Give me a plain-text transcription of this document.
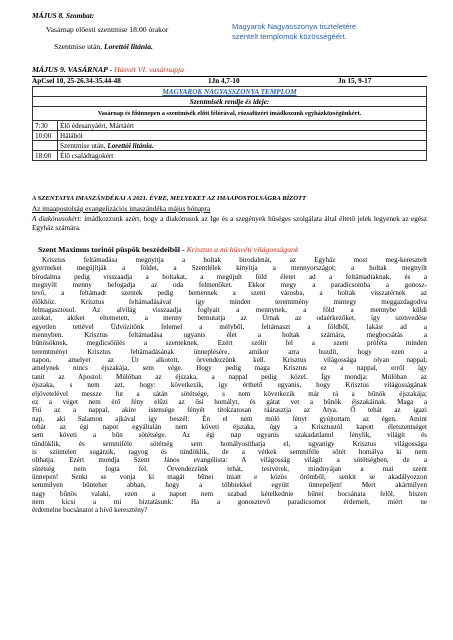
MÁJUS 8. Szombat:
Vasárnap előesti szentmise 18:00 órakor
Szentmise után, Lorettói litánia.
Magyarok Nagyasszonya tiszteletére szentelt templomok közösségéért.
MÁJUS 9. VASÁRNAP - Húsvét VI. vasárnapja
ApCsel 10, 25-26.34-35.44-48	1Jn 4,7-10	Jn 15, 9-17
MAGYAROK NAGYASSZONYA TEMPLOM	
Szentmisék rendje és ideje:	
Vasárnap és főünnepen a szentmisék előtt félórával, rózsafüzért imádkozunk egyházközségünkért.	
7:30	Élő édesanyáért, Mártáért
10:00	Hálából
	Szentmise után, Lorettói litánia.
18:00	Élő családtagokért
A SZENTATYA IMASZÁNDÉKAI A 2021. ÉVRE, MELYEKET AZ IMAAPOSTOLSÁGRA BÍZOTT
Az imaapostolság evangelizációs imaszándéka május hónapra
A diakónusokért: imádkozzunk azért, hogy a diakónusok az Ige és a szegények hűséges szolgálata által éltető jelek legyenek az egész Egyház számára.
Szent Maximus torinói püspök beszédeiből - Krisztus a mi húsvéti világosságunk
Krisztus feltámadása megnyitja a holtak birodalmát, az Egyház most meg-keresztelt
gyermekei megújítják a földet, a Szentlélek kinyitja a mennyországot; a holtak megnyílt
birodalma pedig visszaadja a holtakat, a megújult föld életet ad a feltámadtaknak, és a
megnyílt menny befogadja az oda felmenőket. Ekkor megy a paradicsomba a gonosz-
tevő, a feltámadt szentek pedig bemennek a szent városba, a holtak visszatérnek az
élőkhöz. Krisztus feltámadásával így minden teremtmény mintegy meggazdagodva
felmagasztosul. Az alvilág visszaadja foglyait a mennynek, a föld a mennybe küldi
azokat, akiket eltemetett, a menny bemutatja az Úrnak az odaérkezőket, így szenvedése
egyetlen tettével Üdvözítőnk felemel a mélyből, feltámaszt a földből, lakást ad a
mennyben. Krisztus feltámadása ugyanis élet a holtak számára, megbocsátás a
bűnösöknek, megdicsőülés a szenteknek. Ezért szólít fel a szent próféta minden
teremtményt Krisztus feltámadásának ünneplésére, amikor arra buzdít, hogy ezen a
napon, amelyet az Úr alkotott, örvendezzünk kell. Krisztus világossága olyan nappal,
amelynek nincs éjszakája, sem vége. Hogy pedig maga Krisztus ez a nappal, erről így
tanít az Apostol: Múlóban az éjszaka, a nappal pedig közel. Így mondja: Múlóban az
éjszaka, s nem azt, hogy: következik, így érthető ugyanis, hogy Krisztus világosságának
eljövetelével messze fut a sátán sötétsége, s nem következik már rá a bűnök éjszakája;
ez a véget nem érő fény elűzi az ősi homályt, és gátat vet a bűnök éjszakáinak. Maga a
Fiú az a nappal, akire istensége fényét titokzatosan ráárasztja az Atya. Ő tehát az igazi
nap, aki Salamon ajkával így beszél: Én el nem múló fényt gyújtottam az égen. Amint
tehát az égi napot egyáltalán nem követi éjszaka, úgy a Krisztustól kapott életszentséget
sem követi a bűn sötétsége. Az égi nap ugyanis szakadatlanul fénylik, világít és
tündöklik, és semmiféle sötétség sem homályosíthatja el, ugyanígy Krisztus világossága
is szüntelen sugárzik, ragyog és tündöklik, de a vétkek semmiféle sötét homálya ki nem
olthatja. Ezért mondja Szent János evangélista: A világosság világít a sötétségben, de a
sötétség nem fogta fel. Örvendezzünk tehát, testvérek, mindnyájan a mai szent
ünnepen! Senki se vonja ki magát bűnei miatt e közös örömből; senkit se akadályozzon
semmilyen bűnteher abban, hogy a többiekkel együtt ünnepeljen! Mert akármilyen
nagy bűnös valaki, ezen a napon nem szabad kételkednie bűnei bocsánata felől, hiszen
nem kicsi a mi biztatásunk: Ha a gonosztevő paradicsomot érdemelt, miért ne
érdemelne bocsánatot a hívő keresztény?
